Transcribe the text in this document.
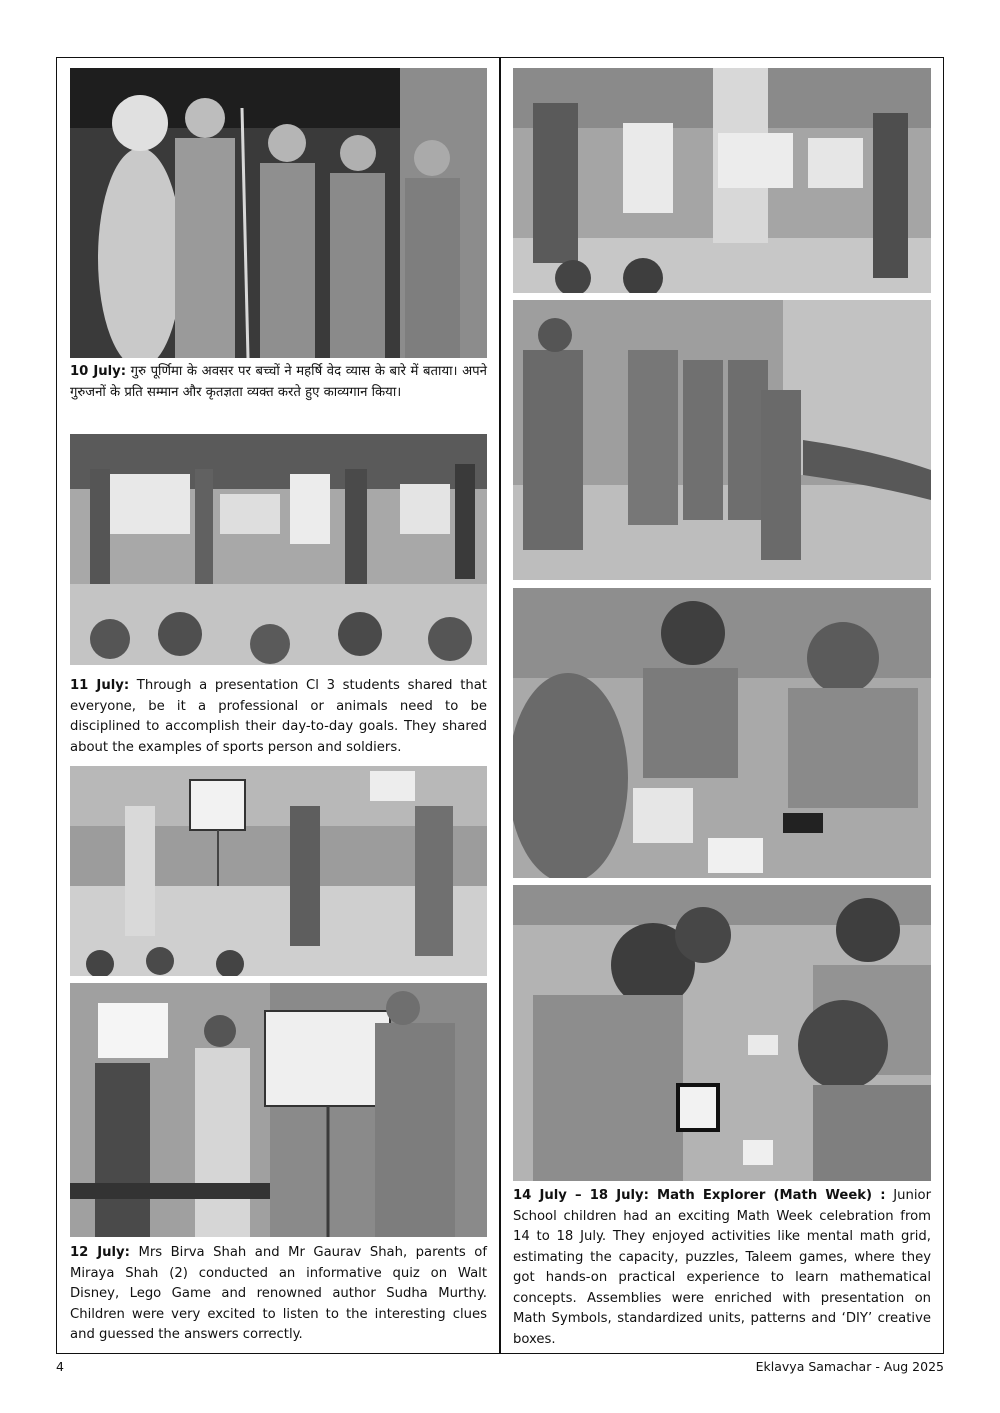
10 July: गुरु पूर्णिमा के अवसर पर बच्चों ने महर्षि वेद व्यास के बारे में बताया। अपने गुरुजनों के प्रति सम्मान और कृतज्ञता व्यक्त करते हुए काव्यगान किया।
11 July: Through a presentation Cl 3 students shared that everyone, be it a professional or animals need to be disciplined to accomplish their day-to-day goals. They shared about the examples of sports person and soldiers.
12 July: Mrs Birva Shah and Mr Gaurav Shah, parents of Miraya Shah (2) conducted an informative quiz on Walt Disney, Lego Game and renowned author Sudha Murthy. Children were very excited to listen to the interesting clues and guessed the answers correctly.
14 July – 18 July: Math Explorer (Math Week) : Junior School children had an exciting Math Week celebration from 14 to 18 July. They enjoyed activities like mental math grid, estimating the capacity, puzzles, Taleem games, where they got hands-on practical experience to learn mathematical concepts. Assemblies were enriched with presentation on Math Symbols, standardized units, patterns and ‘DIY’ creative boxes.
4	Eklavya Samachar - Aug 2025
